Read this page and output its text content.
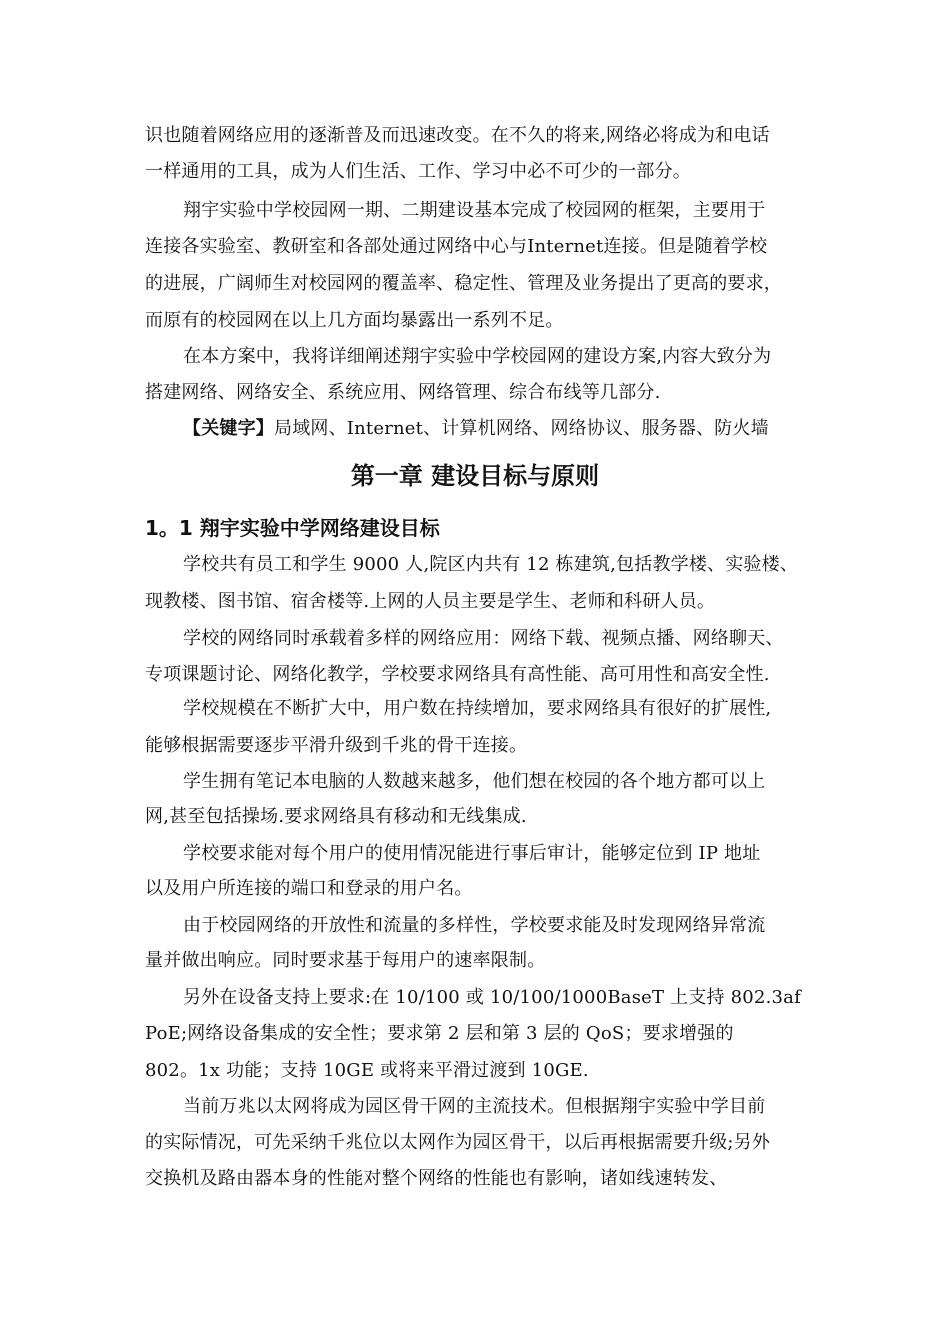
识也随着网络应用的逐渐普及而迅速改变。在不久的将来,网络必将成为和电话
一样通用的工具，成为人们生活、工作、学习中必不可少的一部分。
翔宇实验中学校园网一期、二期建设基本完成了校园网的框架，主要用于
连接各实验室、教研室和各部处通过网络中心与Internet连接。但是随着学校
的进展，广阔师生对校园网的覆盖率、稳定性、管理及业务提出了更高的要求，
而原有的校园网在以上几方面均暴露出一系列不足。
在本方案中，我将详细阐述翔宇实验中学校园网的建设方案,内容大致分为
搭建网络、网络安全、系统应用、网络管理、综合布线等几部分.
【关键字】局域网、Internet、计算机网络、网络协议、服务器、防火墙
第一章 建设目标与原则
1。1 翔宇实验中学网络建设目标
学校共有员工和学生 9000 人,院区内共有 12 栋建筑,包括教学楼、实验楼、
现教楼、图书馆、宿舍楼等.上网的人员主要是学生、老师和科研人员。
学校的网络同时承载着多样的网络应用：网络下载、视频点播、网络聊天、
专项课题讨论、网络化教学，学校要求网络具有高性能、高可用性和高安全性.
学校规模在不断扩大中，用户数在持续增加，要求网络具有很好的扩展性,
能够根据需要逐步平滑升级到千兆的骨干连接。
学生拥有笔记本电脑的人数越来越多，他们想在校园的各个地方都可以上
网,甚至包括操场.要求网络具有移动和无线集成.
学校要求能对每个用户的使用情况能进行事后审计，能够定位到 IP 地址
以及用户所连接的端口和登录的用户名。
由于校园网络的开放性和流量的多样性，学校要求能及时发现网络异常流
量并做出响应。同时要求基于每用户的速率限制。
另外在设备支持上要求:在 10/100 或 10/100/1000BaseT 上支持 802.3af
PoE;网络设备集成的安全性；要求第 2 层和第 3 层的 QoS；要求增强的
802。1x 功能；支持 10GE 或将来平滑过渡到 10GE.
当前万兆以太网将成为园区骨干网的主流技术。但根据翔宇实验中学目前
的实际情况，可先采纳千兆位以太网作为园区骨干，以后再根据需要升级;另外
交换机及路由器本身的性能对整个网络的性能也有影响，诸如线速转发、
